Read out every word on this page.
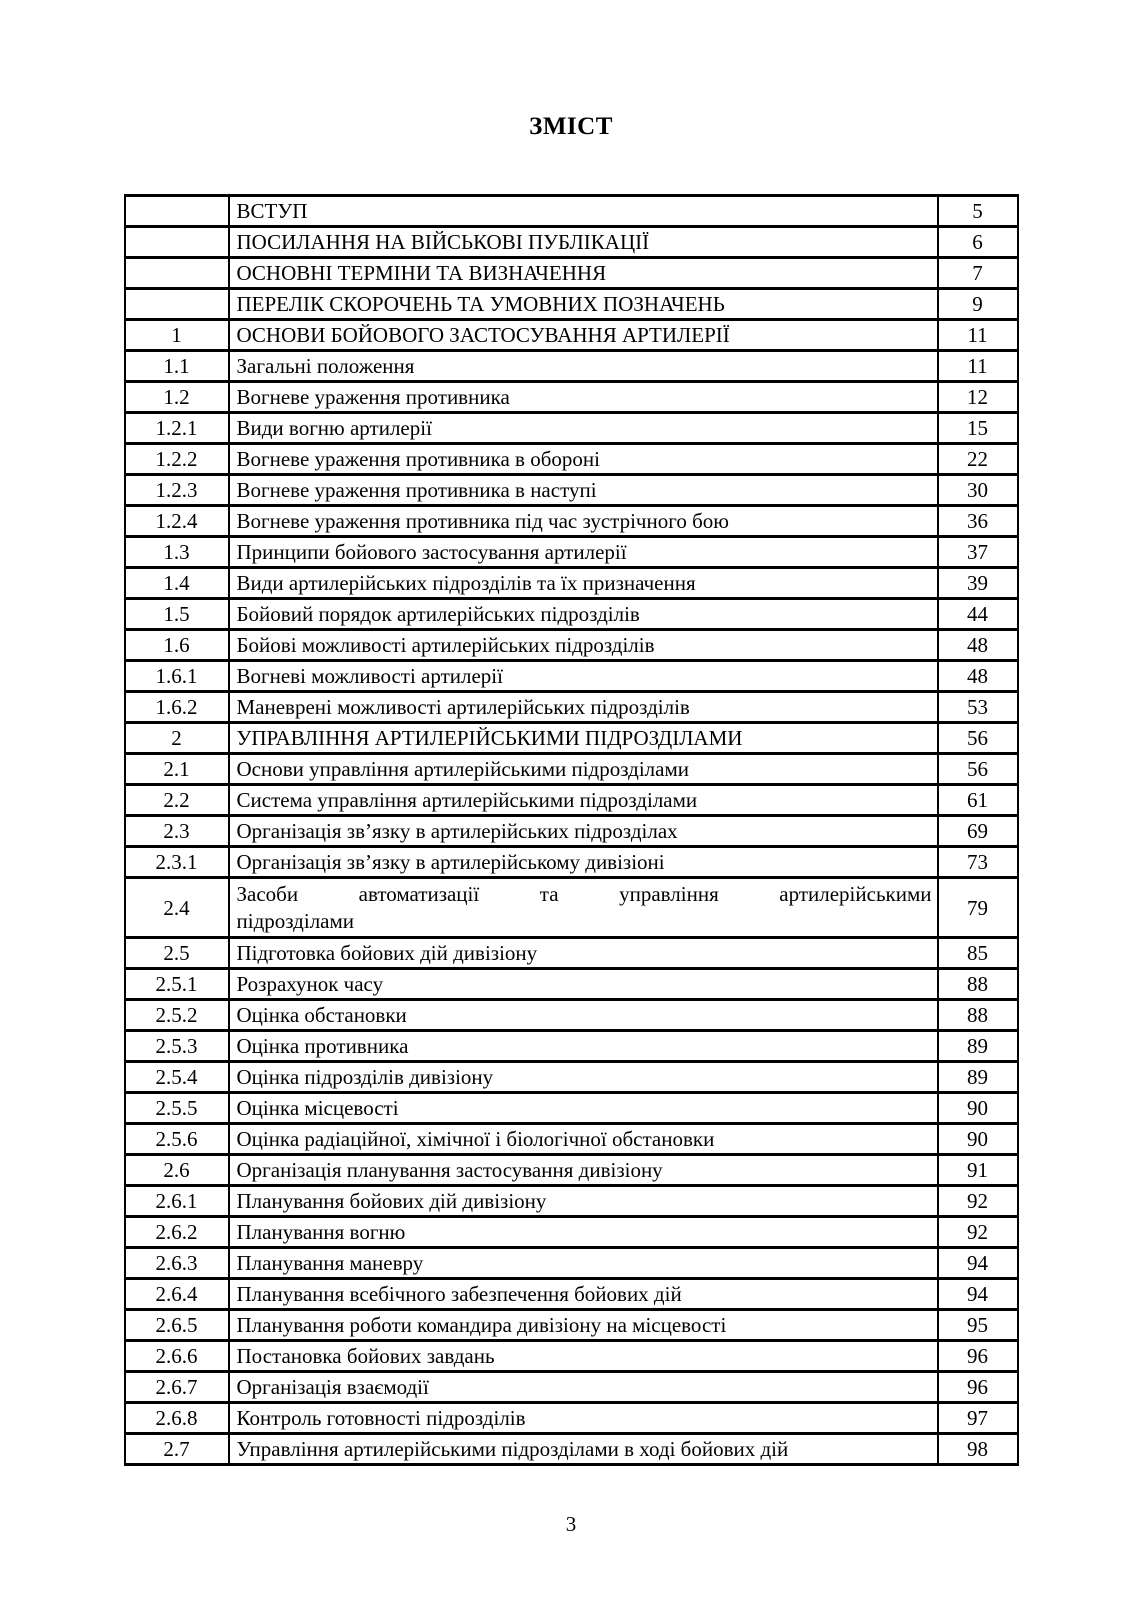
ЗМІСТ
	ВСТУП	5
	ПОСИЛАННЯ НА ВІЙСЬКОВІ ПУБЛІКАЦІЇ	6
	ОСНОВНІ ТЕРМІНИ ТА ВИЗНАЧЕННЯ	7
	ПЕРЕЛІК СКОРОЧЕНЬ ТА УМОВНИХ ПОЗНАЧЕНЬ	9
1	ОСНОВИ БОЙОВОГО ЗАСТОСУВАННЯ АРТИЛЕРІЇ	11
1.1	Загальні положення	11
1.2	Вогневе ураження противника	12
1.2.1	Види вогню артилерії	15
1.2.2	Вогневе ураження противника в обороні	22
1.2.3	Вогневе ураження противника в наступі	30
1.2.4	Вогневе ураження противника під час зустрічного бою	36
1.3	Принципи бойового застосування артилерії	37
1.4	Види артилерійських підрозділів та їх призначення	39
1.5	Бойовий порядок артилерійських підрозділів	44
1.6	Бойові можливості артилерійських підрозділів	48
1.6.1	Вогневі можливості артилерії	48
1.6.2	Маневрені можливості артилерійських підрозділів	53
2	УПРАВЛІННЯ АРТИЛЕРІЙСЬКИМИ ПІДРОЗДІЛАМИ	56
2.1	Основи управління артилерійськими підрозділами	56
2.2	Система управління артилерійськими підрозділами	61
2.3	Організація зв’язку в артилерійських підрозділах	69
2.3.1	Організація зв’язку в артилерійському дивізіоні	73
2.4	Засоби автоматизації та управління артилерійськими
підрозділами	79
2.5	Підготовка бойових дій дивізіону	85
2.5.1	Розрахунок часу	88
2.5.2	Оцінка обстановки	88
2.5.3	Оцінка противника	89
2.5.4	Оцінка підрозділів дивізіону	89
2.5.5	Оцінка місцевості	90
2.5.6	Оцінка радіаційної, хімічної і біологічної обстановки	90
2.6	Організація планування застосування дивізіону	91
2.6.1	Планування бойових дій дивізіону	92
2.6.2	Планування вогню	92
2.6.3	Планування маневру	94
2.6.4	Планування всебічного забезпечення бойових дій	94
2.6.5	Планування роботи командира дивізіону на місцевості	95
2.6.6	Постановка бойових завдань	96
2.6.7	Організація взаємодії	96
2.6.8	Контроль готовності підрозділів	97
2.7	Управління артилерійськими підрозділами в ході бойових дій	98
3
